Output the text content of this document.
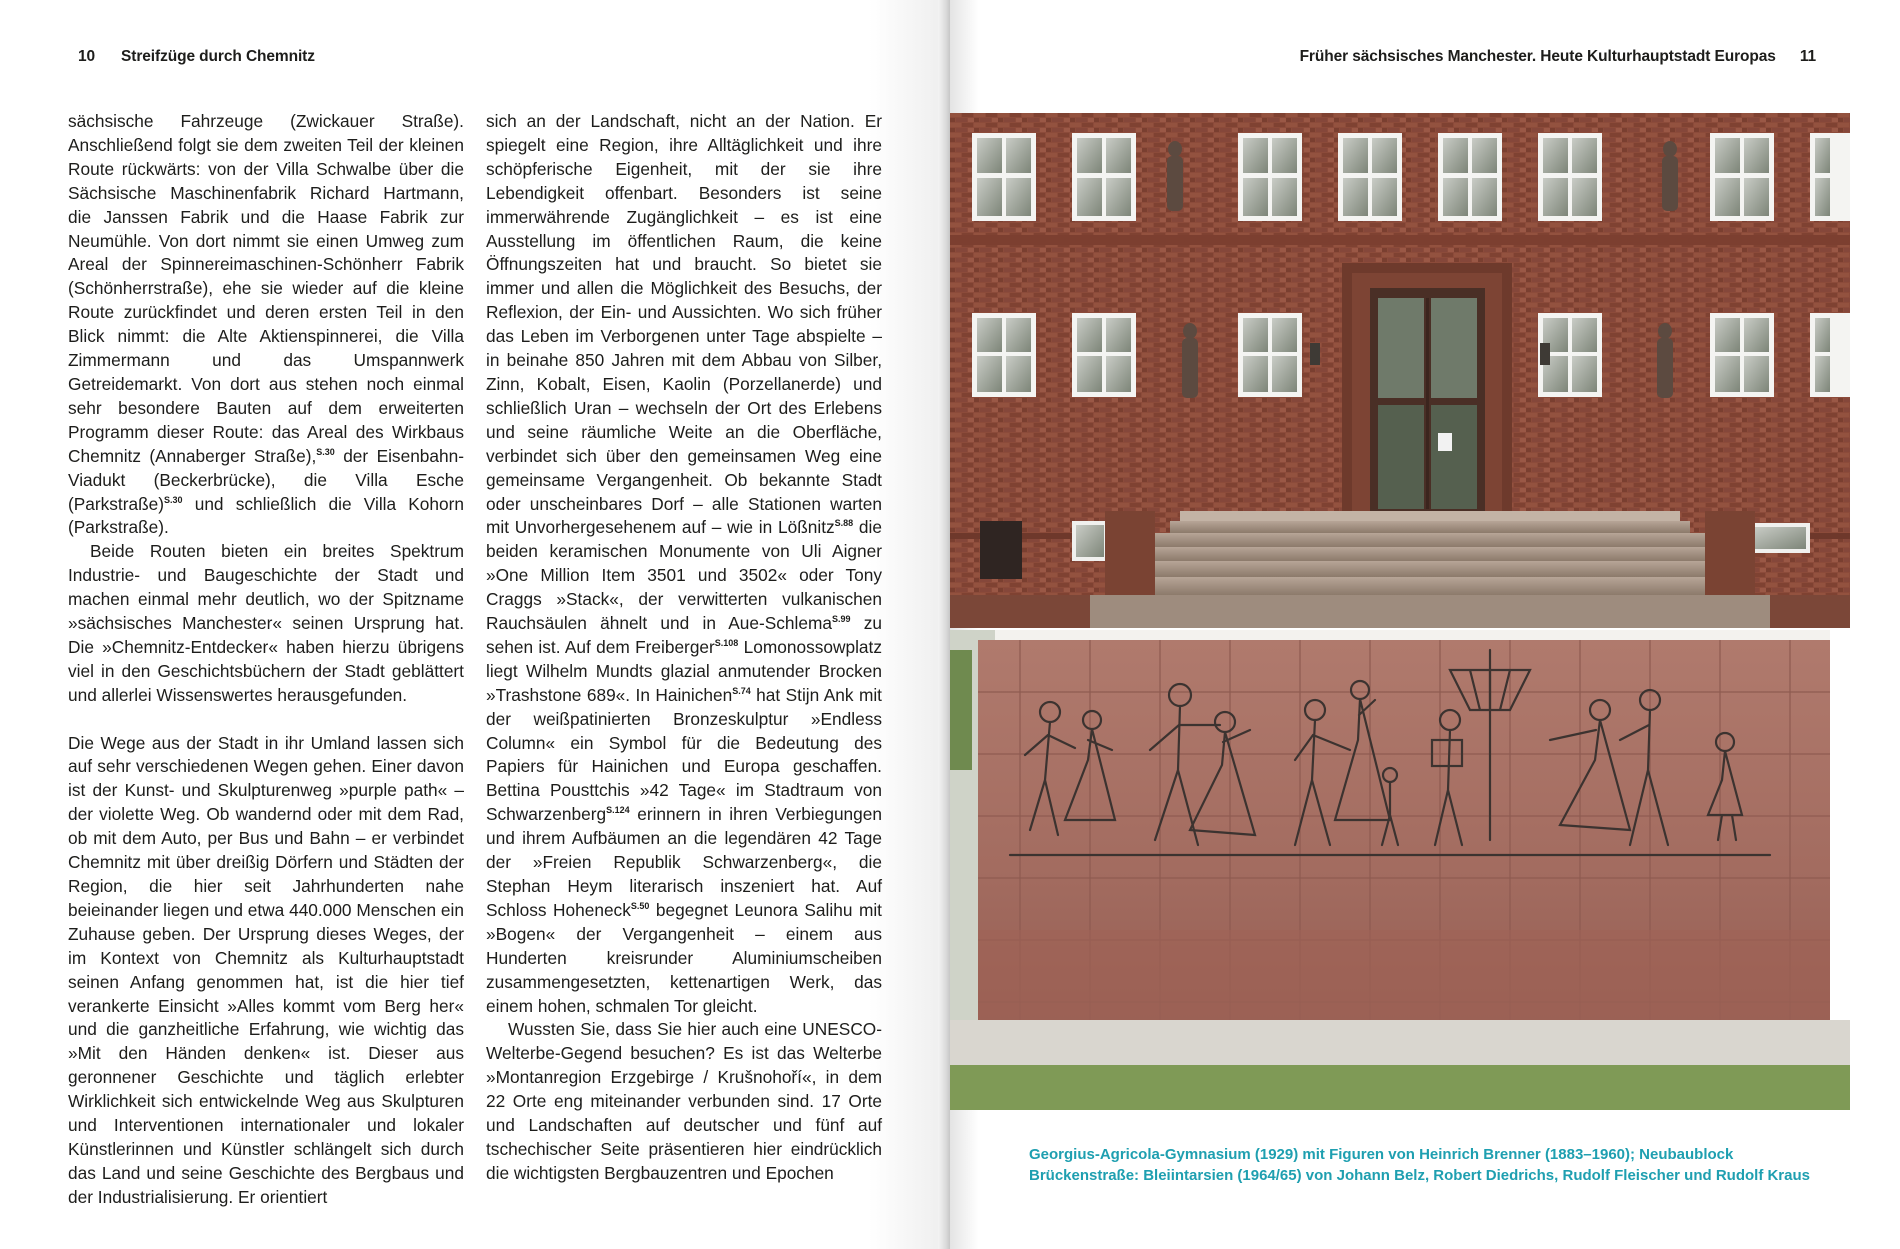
10 Streifzüge durch Chemnitz

sächsische Fahrzeuge (Zwickauer Straße). Anschließend folgt sie dem zweiten Teil der kleinen Route rückwärts: von der Villa Schwalbe über die Sächsische Maschinenfabrik Richard Hartmann, die Janssen Fabrik und die Haase Fabrik zur Neumühle. Von dort nimmt sie einen Umweg zum Areal der Spinnereimaschinen-Schönherr Fabrik (Schönherrstraße), ehe sie wieder auf die kleine Route zurückfindet und deren ersten Teil in den Blick nimmt: die Alte Aktienspinnerei, die Villa Zimmermann und das Umspannwerk Getreidemarkt. Von dort aus stehen noch einmal sehr besondere Bauten auf dem erweiterten Programm dieser Route: das Areal des Wirkbaus Chemnitz (Annaberger Straße),$^{S.30}$ der Eisenbahn-Viadukt (Beckerbrücke), die Villa Esche (Parkstraße)$^{S.30}$ und schließlich die Villa Kohorn (Parkstraße).

Beide Routen bieten ein breites Spektrum Industrie- und Baugeschichte der Stadt und machen einmal mehr deutlich, wo der Spitzname »sächsisches Manchester« seinen Ursprung hat. Die »Chemnitz-Entdecker« haben hierzu übrigens viel in den Geschichtsbüchern der Stadt geblättert und allerlei Wissenswertes herausgefunden.

Die Wege aus der Stadt in ihr Umland lassen sich auf sehr verschiedenen Wegen gehen. Einer davon ist der Kunst- und Skulpturenweg »purple path« – der violette Weg. Ob wandernd oder mit dem Rad, ob mit dem Auto, per Bus und Bahn – er verbindet Chemnitz mit über dreißig Dörfern und Städten der Region, die hier seit Jahrhunderten nahe beieinander liegen und etwa 440.000 Menschen ein Zuhause geben. Der Ursprung dieses Weges, der im Kontext von Chemnitz als Kulturhauptstadt seinen Anfang genommen hat, ist die hier tief verankerte Einsicht »Alles kommt vom Berg her« und die ganzheitliche Erfahrung, wie wichtig das »Mit den Händen denken« ist. Dieser aus geronnener Geschichte und täglich erlebter Wirklichkeit sich entwickelnde Weg aus Skulpturen und Interventionen internationaler und lokaler Künstlerinnen und Künstler schlängelt sich durch das Land und seine Geschichte des Bergbaus und der Industrialisierung. Er orientiert

sich an der Landschaft, nicht an der Nation. Er spiegelt eine Region, ihre Alltäglichkeit und ihre schöpferische Eigenheit, mit der sie ihre Lebendigkeit offenbart. Besonders ist seine immerwährende Zugänglichkeit – es ist eine Ausstellung im öffentlichen Raum, die keine Öffnungszeiten hat und braucht. So bietet sie immer und allen die Möglichkeit des Besuchs, der Reflexion, der Ein- und Aussichten. Wo sich früher das Leben im Verborgenen unter Tage abspielte – in beinahe 850 Jahren mit dem Abbau von Silber, Zinn, Kobalt, Eisen, Kaolin (Porzellanerde) und schließlich Uran – wechseln der Ort des Erlebens und seine räumliche Weite an die Oberfläche, verbindet sich über den gemeinsamen Weg eine gemeinsame Vergangenheit. Ob bekannte Stadt oder unscheinbares Dorf – alle Stationen warten mit Unvorhergesehenem auf – wie in Lößnitz$^{S.88}$ die beiden keramischen Monumente von Uli Aigner »One Million Item 3501 und 3502« oder Tony Craggs »Stack«, der verwitterten vulkanischen Rauchsäulen ähnelt und in Aue-Schlema$^{S.99}$ zu sehen ist. Auf dem Freiberger$^{S.108}$ Lomonossowplatz liegt Wilhelm Mundts glazial anmutender Brocken »Trashstone 689«. In Hainichen$^{S.74}$ hat Stijn Ank mit der weißpatinierten Bronzeskulptur »Endless Column« ein Symbol für die Bedeutung des Papiers für Hainichen und Europa geschaffen. Bettina Pousttchis »42 Tage« im Stadtraum von Schwarzenberg$^{S.124}$ erinnern in ihren Verbiegungen und ihrem Aufbäumen an die legendären 42 Tage der »Freien Republik Schwarzenberg«, die Stephan Heym literarisch inszeniert hat. Auf Schloss Hoheneck$^{S.50}$ begegnet Leunora Salihu mit »Bogen« der Vergangenheit – einem aus Hunderten kreisrunder Aluminiumscheiben zusammengesetzten, kettenartigen Werk, das einem hohen, schmalen Tor gleicht.

Wussten Sie, dass Sie hier auch eine UNESCO-Welterbe-Gegend besuchen? Es ist das Welterbe »Montanregion Erzgebirge / Krušnohoří«, in dem 22 Orte eng miteinander verbunden sind. 17 Orte und Landschaften auf deutscher und fünf auf tschechischer Seite präsentieren hier eindrücklich die wichtigsten Bergbauzentren und Epochen

Früher sächsisches Manchester. Heute Kulturhauptstadt Europas 11
Georgius-Agricola-Gymnasium (1929) mit Figuren von Heinrich Brenner (1883–1960); Neubaublock Brückenstraße: Bleiintarsien (1964/65) von Johann Belz, Robert Diedrichs, Rudolf Fleischer und Rudolf Kraus
